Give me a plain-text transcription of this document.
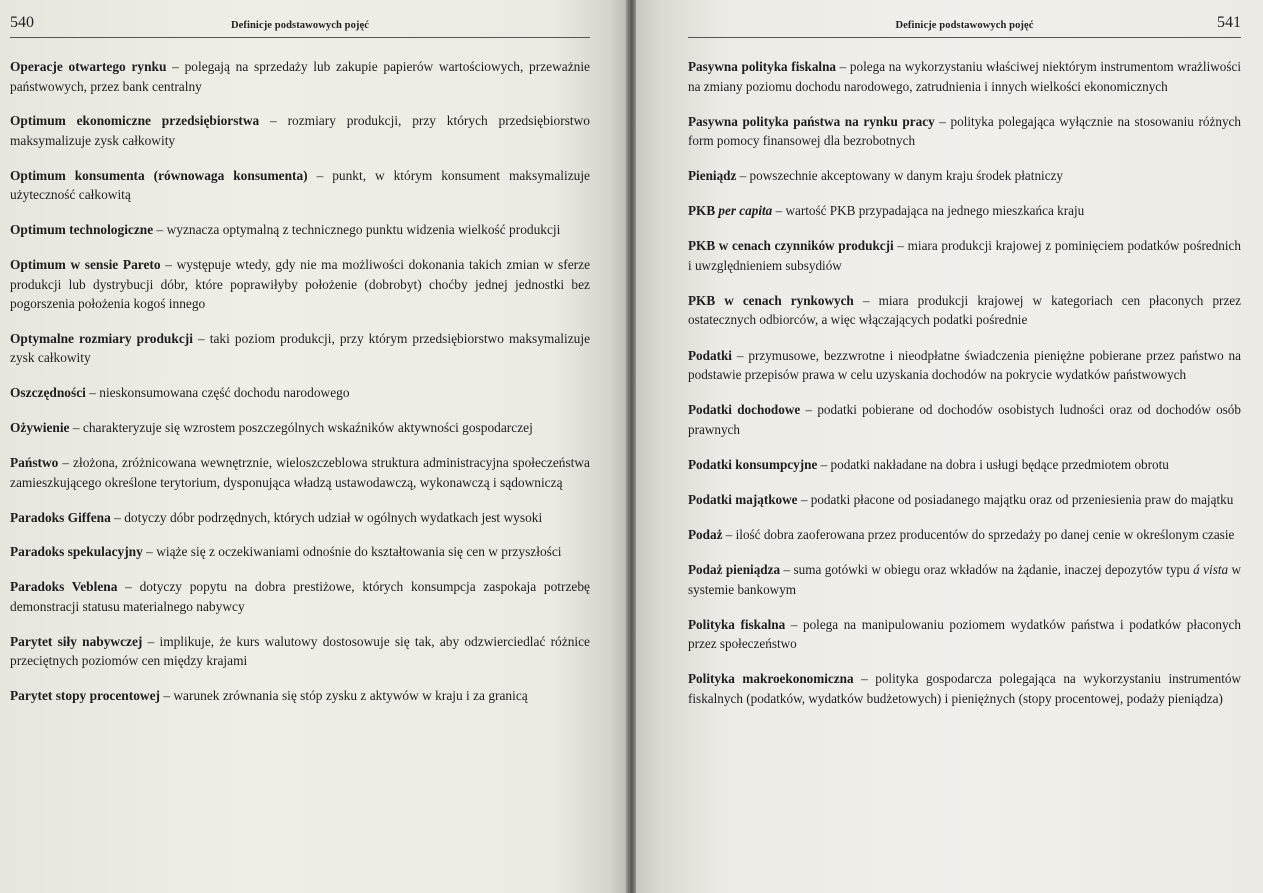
540	Definicje podstawowych pojęć

Operacje otwartego rynku – polegają na sprzedaży lub zakupie papierów wartościowych, przeważnie państwowych, przez bank centralny

Optimum ekonomiczne przedsiębiorstwa – rozmiary produkcji, przy których przedsiębiorstwo maksymalizuje zysk całkowity

Optimum konsumenta (równowaga konsumenta) – punkt, w którym konsument maksymalizuje użyteczność całkowitą

Optimum technologiczne – wyznacza optymalną z technicznego punktu widzenia wielkość produkcji

Optimum w sensie Pareto – występuje wtedy, gdy nie ma możliwości dokonania takich zmian w sferze produkcji lub dystrybucji dóbr, które poprawiłyby położenie (dobrobyt) choćby jednej jednostki bez pogorszenia położenia kogoś innego

Optymalne rozmiary produkcji – taki poziom produkcji, przy którym przedsiębiorstwo maksymalizuje zysk całkowity

Oszczędności – nieskonsumowana część dochodu narodowego

Ożywienie – charakteryzuje się wzrostem poszczególnych wskaźników aktywności gospodarczej

Państwo – złożona, zróżnicowana wewnętrznie, wieloszczeblowa struktura administracyjna społeczeństwa zamieszkującego określone terytorium, dysponująca władzą ustawodawczą, wykonawczą i sądowniczą

Paradoks Giffena – dotyczy dóbr podrzędnych, których udział w ogólnych wydatkach jest wysoki

Paradoks spekulacyjny – wiąże się z oczekiwaniami odnośnie do kształtowania się cen w przyszłości

Paradoks Veblena – dotyczy popytu na dobra prestiżowe, których konsumpcja zaspokaja potrzebę demonstracji statusu materialnego nabywcy

Parytet siły nabywczej – implikuje, że kurs walutowy dostosowuje się tak, aby odzwierciedlać różnice przeciętnych poziomów cen między krajami

Parytet stopy procentowej – warunek zrównania się stóp zysku z aktywów w kraju i za granicą

Definicje podstawowych pojęć	541

Pasywna polityka fiskalna – polega na wykorzystaniu właściwej niektórym instrumentom wrażliwości na zmiany poziomu dochodu narodowego, zatrudnienia i innych wielkości ekonomicznych

Pasywna polityka państwa na rynku pracy – polityka polegająca wyłącznie na stosowaniu różnych form pomocy finansowej dla bezrobotnych

Pieniądz – powszechnie akceptowany w danym kraju środek płatniczy

PKB per capita – wartość PKB przypadająca na jednego mieszkańca kraju

PKB w cenach czynników produkcji – miara produkcji krajowej z pominięciem podatków pośrednich i uwzględnieniem subsydiów

PKB w cenach rynkowych – miara produkcji krajowej w kategoriach cen płaconych przez ostatecznych odbiorców, a więc włączających podatki pośrednie

Podatki – przymusowe, bezzwrotne i nieodpłatne świadczenia pieniężne pobierane przez państwo na podstawie przepisów prawa w celu uzyskania dochodów na pokrycie wydatków państwowych

Podatki dochodowe – podatki pobierane od dochodów osobistych ludności oraz od dochodów osób prawnych

Podatki konsumpcyjne – podatki nakładane na dobra i usługi będące przedmiotem obrotu

Podatki majątkowe – podatki płacone od posiadanego majątku oraz od przeniesienia praw do majątku

Podaż – ilość dobra zaoferowana przez producentów do sprzedaży po danej cenie w określonym czasie

Podaż pieniądza – suma gotówki w obiegu oraz wkładów na żądanie, inaczej depozytów typu á vista w systemie bankowym

Polityka fiskalna – polega na manipulowaniu poziomem wydatków państwa i podatków płaconych przez społeczeństwo

Polityka makroekonomiczna – polityka gospodarcza polegająca na wykorzystaniu instrumentów fiskalnych (podatków, wydatków budżetowych) i pieniężnych (stopy procentowej, podaży pieniądza)
